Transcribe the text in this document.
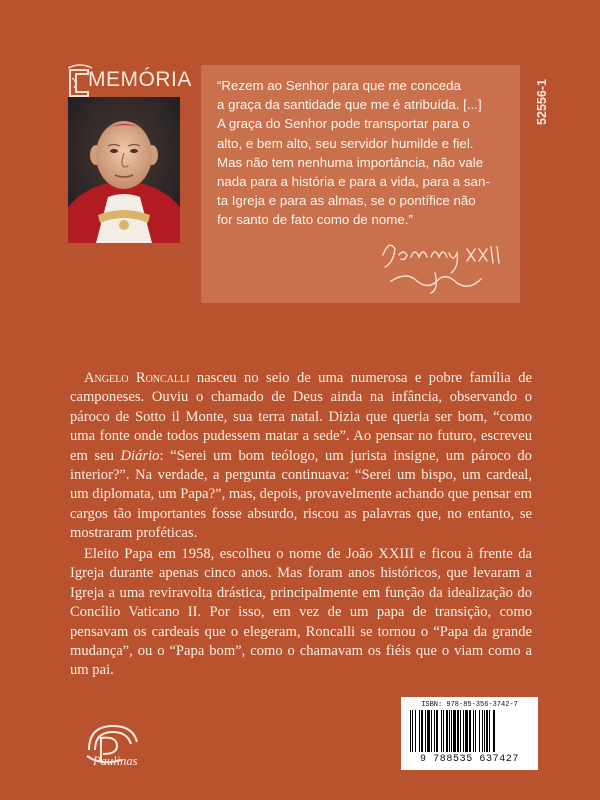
MEMÓRIA “Rezem ao Senhor para que me conceda
a graça da santidade que me é atribuída. [...]
A graça do Senhor pode transportar para o
alto, e bem alto, seu servidor humilde e fiel.
Mas não tem nenhuma importância, não vale
nada para a história e para a vida, para a san-
ta Igreja e para as almas, se o pontífice não
for santo de fato como de nome.”
52556-1

Angelo Roncalli nasceu no seio de uma numerosa e pobre família de camponeses. Ouviu o chamado de Deus ainda na infância, observando o pároco de Sotto il Monte, sua terra natal. Dizia que queria ser bom, “como uma fonte onde todos pudessem matar a sede”. Ao pensar no futuro, escreveu em seu Diário: “Serei um bom teólogo, um jurista insigne, um pároco do interior?”. Na verdade, a pergunta continuava: “Serei um bispo, um cardeal, um diplomata, um Papa?”, mas, depois, provavelmente achando que pensar em cargos tão importantes fosse absurdo, riscou as palavras que, no entanto, se mostraram proféticas.

Eleito Papa em 1958, escolheu o nome de João XXIII e ficou à frente da Igreja durante apenas cinco anos. Mas foram anos históricos, que levaram a Igreja a uma reviravolta drástica, principalmente em função da idealização do Concílio Vaticano II. Por isso, em vez de um papa de transição, como pensavam os cardeais que o elegeram, Roncalli se tornou o “Papa da grande mudança”, ou o “Papa bom”, como o chamavam os fiéis que o viam como a um pai.

ISBN: 978-85-356-3742-7
9 788535 637427
Paulinas
